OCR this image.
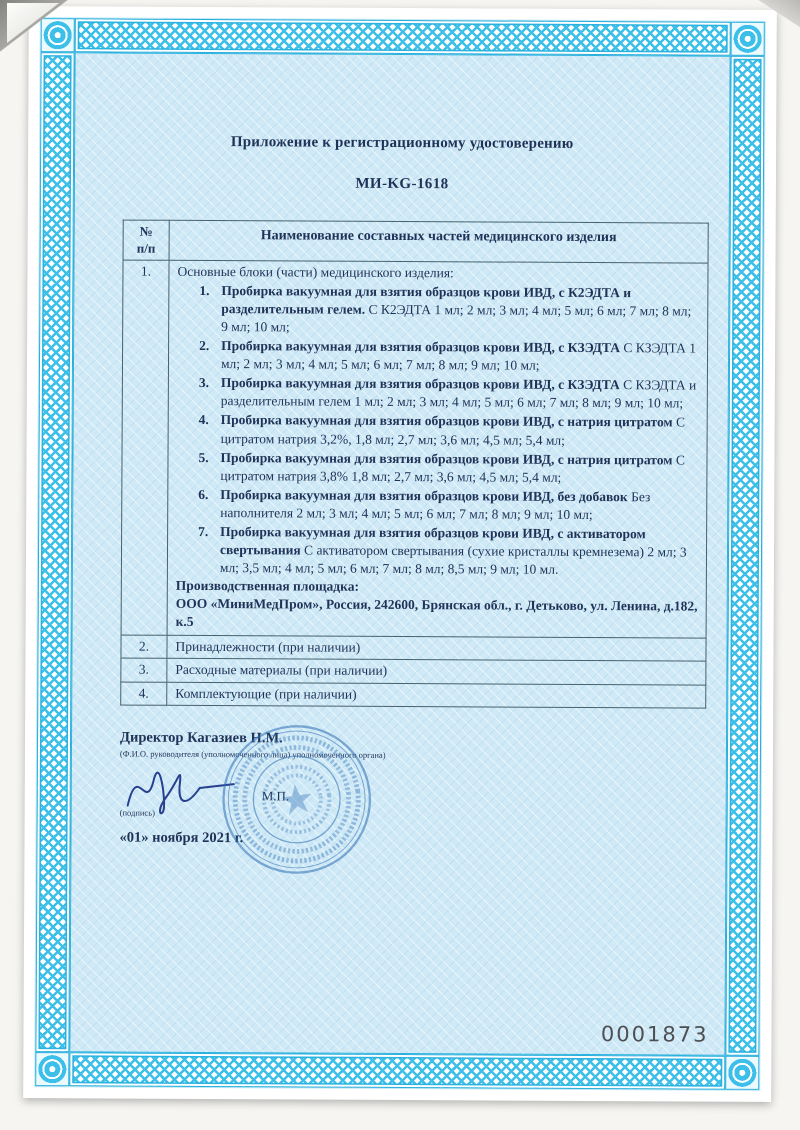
Приложение к регистрационному удостоверению
МИ-KG-1618
№
п/п	Наименование составных частей медицинского изделия
1.	Основные блоки (части) медицинского изделия:
1. Пробирка вакуумная для взятия образцов крови ИВД, с К2ЭДТА и разделительным гелем. С К2ЭДТА 1 мл; 2 мл; 3 мл; 4 мл; 5 мл; 6 мл; 7 мл; 8 мл; 9 мл; 10 мл;
2. Пробирка вакуумная для взятия образцов крови ИВД, с КЗЭДТА С КЗЭДТА 1 мл; 2 мл; 3 мл; 4 мл; 5 мл; 6 мл; 7 мл; 8 мл; 9 мл; 10 мл;
3. Пробирка вакуумная для взятия образцов крови ИВД, с КЗЭДТА С КЗЭДТА и разделительным гелем 1 мл; 2 мл; 3 мл; 4 мл; 5 мл; 6 мл; 7 мл; 8 мл; 9 мл; 10 мл;
4. Пробирка вакуумная для взятия образцов крови ИВД, с натрия цитратом С цитратом натрия 3,2%, 1,8 мл; 2,7 мл; 3,6 мл; 4,5 мл; 5,4 мл;
5. Пробирка вакуумная для взятия образцов крови ИВД, с натрия цитратом С цитратом натрия 3,8% 1,8 мл; 2,7 мл; 3,6 мл; 4,5 мл; 5,4 мл;
6. Пробирка вакуумная для взятия образцов крови ИВД, без добавок Без наполнителя 2 мл; 3 мл; 4 мл; 5 мл; 6 мл; 7 мл; 8 мл; 9 мл; 10 мл;
7. Пробирка вакуумная для взятия образцов крови ИВД, с активатором свертывания С активатором свертывания (сухие кристаллы кремнезема) 2 мл; 3 мл; 3,5 мл; 4 мл; 5 мл; 6 мл; 7 мл; 8 мл; 8,5 мл; 9 мл; 10 мл.
Производственная площадка:
ООО «МиниМедПром», Россия, 242600, Брянская обл., г. Детьково, ул. Ленина, д.182, к.5

2.	Принадлежности (при наличии)
3.	Расходные материалы (при наличии)
4.	Комплектующие (при наличии)
Директор Кагазиев Н.М.
(Ф.И.О. руководителя (уполномоченного лица) уполномоченного органа)
М.П.
(подпись)
«01» ноября 2021 г.
0001873
